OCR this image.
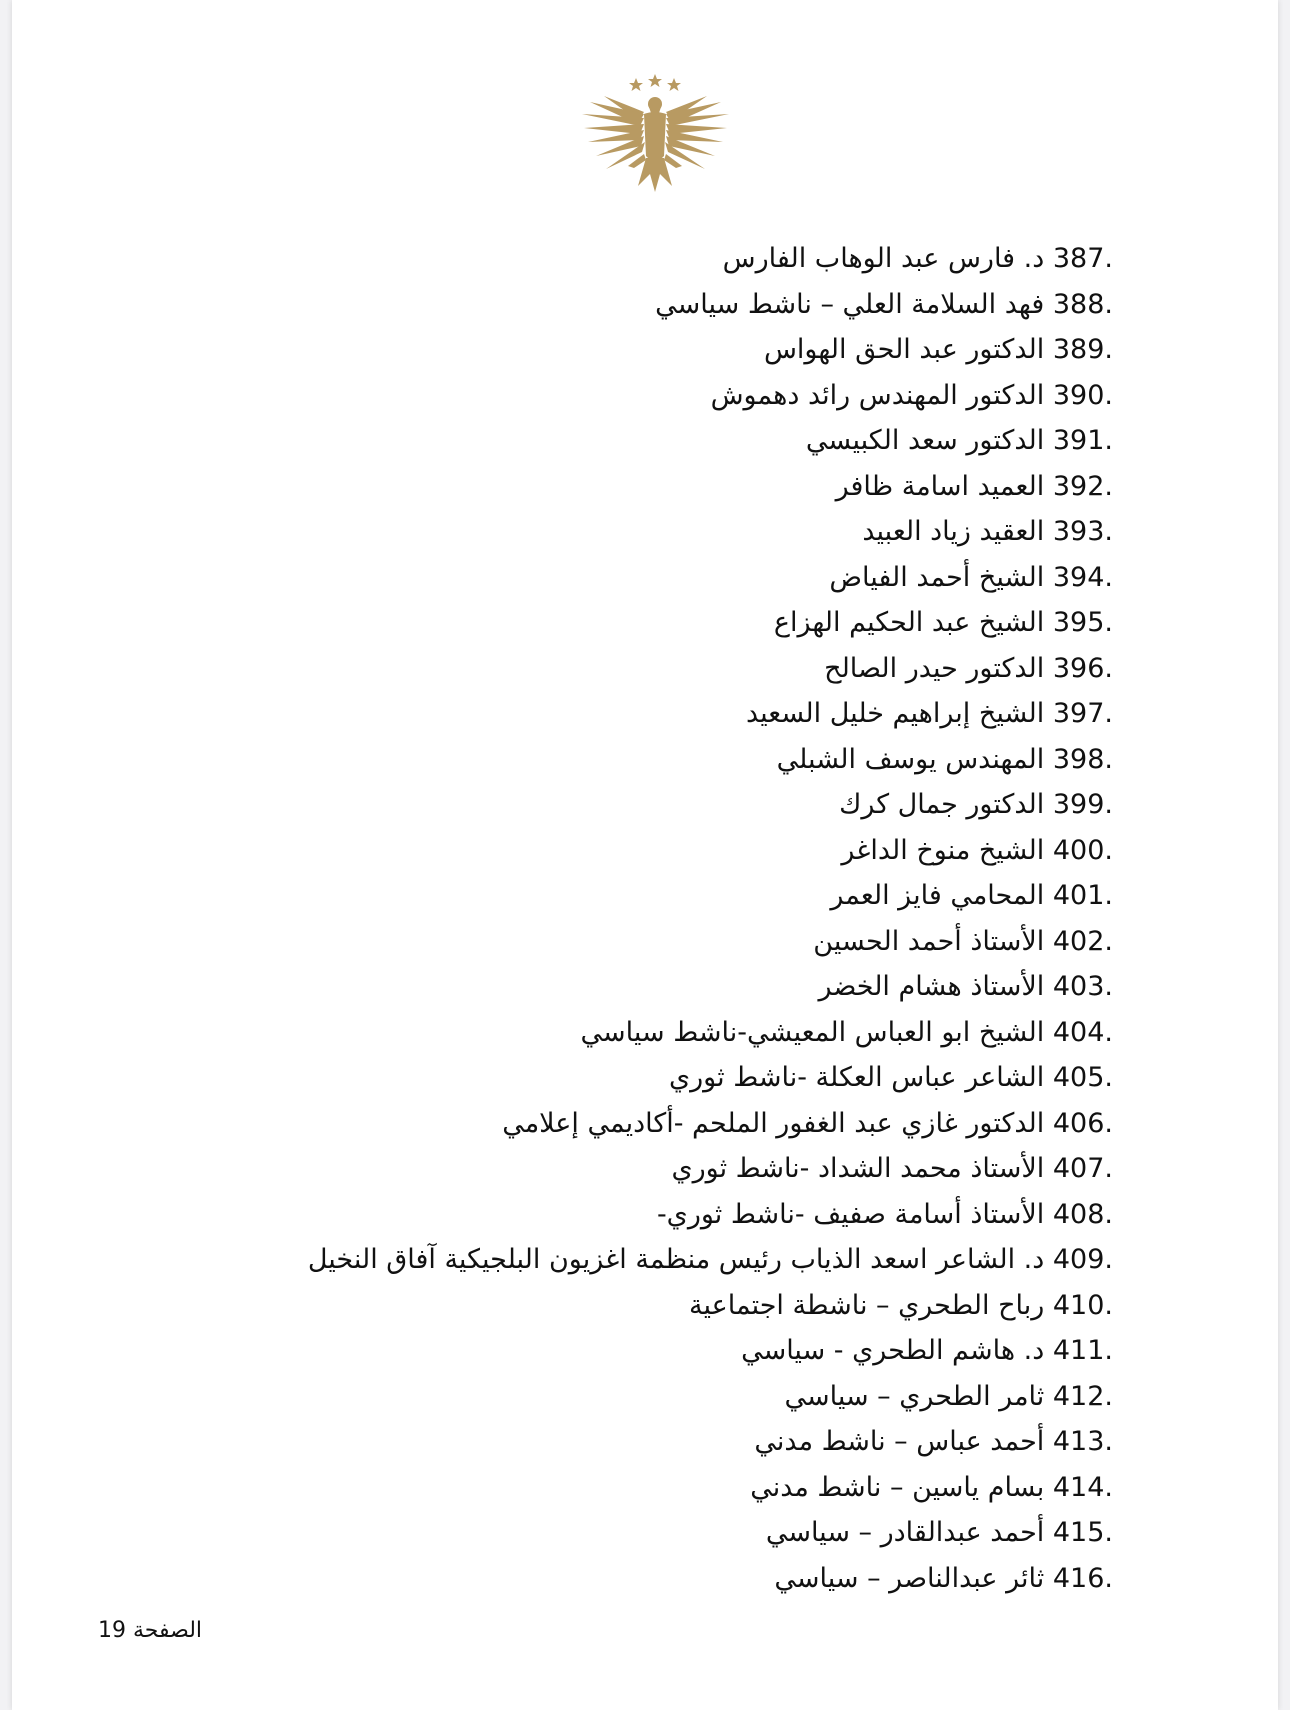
387. د. فارس عبد الوهاب الفارس
388. فهد السلامة العلي – ناشط سياسي
389. الدكتور عبد الحق الهواس
390. الدكتور المهندس رائد دهموش
391. الدكتور سعد الكبيسي
392. العميد اسامة ظافر
393. العقيد زياد العبيد
394. الشيخ أحمد الفياض
395. الشيخ عبد الحكيم الهزاع
396. الدكتور حيدر الصالح
397. الشيخ إبراهيم خليل السعيد
398. المهندس يوسف الشبلي
399. الدكتور جمال كرك
400. الشيخ منوخ الداغر
401. المحامي فايز العمر
402. الأستاذ أحمد الحسين
403. الأستاذ هشام الخضر
404. الشيخ ابو العباس المعيشي-ناشط سياسي
405. الشاعر عباس العكلة -ناشط ثوري
406. الدكتور غازي عبد الغفور الملحم -أكاديمي إعلامي
407. الأستاذ محمد الشداد -ناشط ثوري
408. الأستاذ أسامة صفيف -ناشط ثوري-
409. د. الشاعر اسعد الذياب رئيس منظمة اغزيون البلجيكية آفاق النخيل
410. رباح الطحري – ناشطة اجتماعية
411. د. هاشم الطحري - سياسي
412. ثامر الطحري – سياسي
413. أحمد عباس – ناشط مدني
414. بسام ياسين – ناشط مدني
415. أحمد عبدالقادر – سياسي
416. ثائر عبدالناصر – سياسي
الصفحة 19
